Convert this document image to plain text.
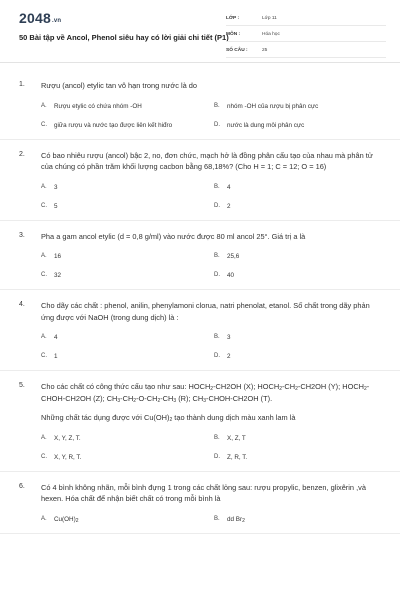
2048.vn
50 Bài tập về Ancol, Phenol siêu hay có lời giải chi tiết (P1)
LỚP :	Lớp 11
MÔN :	Hóa học
SỐ CÂU :	25
1. Rượu (ancol) etylic tan vô hạn trong nước là do
A.	Rượu etylic có chứa nhóm -OH	B.	nhóm -OH của rượu bị phân cực
C.	giữa rượu và nước tạo được liên kết hiđro	D.	nước là dung môi phân cực
2. Có bao nhiêu rượu (ancol) bậc 2, no, đơn chức, mạch hở là đồng phân cấu tạo của nhau mà phân tử của chúng có phần trăm khối lượng cacbon bằng 68,18%? (Cho H = 1; C = 12; O = 16)
A.	3	B.	4
C.	5	D.	2
3. Pha a gam ancol etylic (d = 0,8 g/ml) vào nước được 80 ml ancol 25°. Giá trị a là
A.	16	B.	25,6
C.	32	D.	40
4. Cho dãy các chất : phenol, anilin, phenylamoni clorua, natri phenolat, etanol. Số chất trong dãy phản ứng được với NaOH (trong dung dịch) là :
A.	4	B.	3
C.	1	D.	2
5. Cho các chất có công thức cấu tạo như sau: $HOCH_2-CH2OH$ (X); $HOCH_2-CH_2-CH2OH$ (Y); $HOCH_2-CHOH-CH2OH$ (Z); $CH_3-CH_2-O-CH_2-CH_3$ (R); $CH_3-CHOH-CH2OH$ (T).
Những chất tác dụng được với $Cu(OH)_2$ tạo thành dung dịch màu xanh lam là
A.	X, Y, Z, T.	B.	X, Z, T
C.	X, Y, R, T.	D.	Z, R, T.
6. Có 4 bình không nhãn, mỗi bình đựng 1 trong các chất lỏng sau: rượu propylic, benzen, glixêrin ,và hexen. Hóa chất để nhận biết chất có trong mỗi bình là
A.	$Cu(OH)_2$	B.	dd $Br_2$
